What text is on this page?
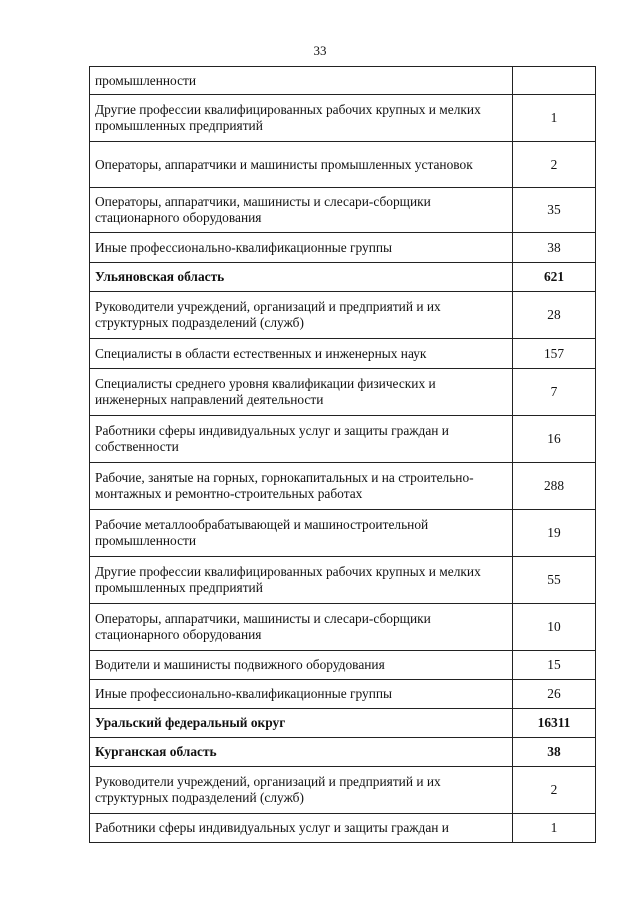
33
промышленности	
Другие профессии квалифицированных рабочих крупных и мелких промышленных предприятий	1
Операторы, аппаратчики и машинисты промышленных установок	2
Операторы, аппаратчики, машинисты и слесари-сборщики стационарного оборудования	35
Иные профессионально-квалификационные группы	38
Ульяновская область	621
Руководители учреждений, организаций и предприятий и их структурных подразделений (служб)	28
Специалисты в области естественных и инженерных наук	157
Специалисты среднего уровня квалификации физических и инженерных направлений деятельности	7
Работники сферы индивидуальных услуг и защиты граждан и собственности	16
Рабочие, занятые на горных, горнокапитальных и на строительно-монтажных и ремонтно-строительных работах	288
Рабочие металлообрабатывающей и машиностроительной промышленности	19
Другие профессии квалифицированных рабочих крупных и мелких промышленных предприятий	55
Операторы, аппаратчики, машинисты и слесари-сборщики стационарного оборудования	10
Водители и машинисты подвижного оборудования	15
Иные профессионально-квалификационные группы	26
Уральский федеральный округ	16311
Курганская область	38
Руководители учреждений, организаций и предприятий и их структурных подразделений (служб)	2
Работники сферы индивидуальных услуг и защиты граждан и	1
